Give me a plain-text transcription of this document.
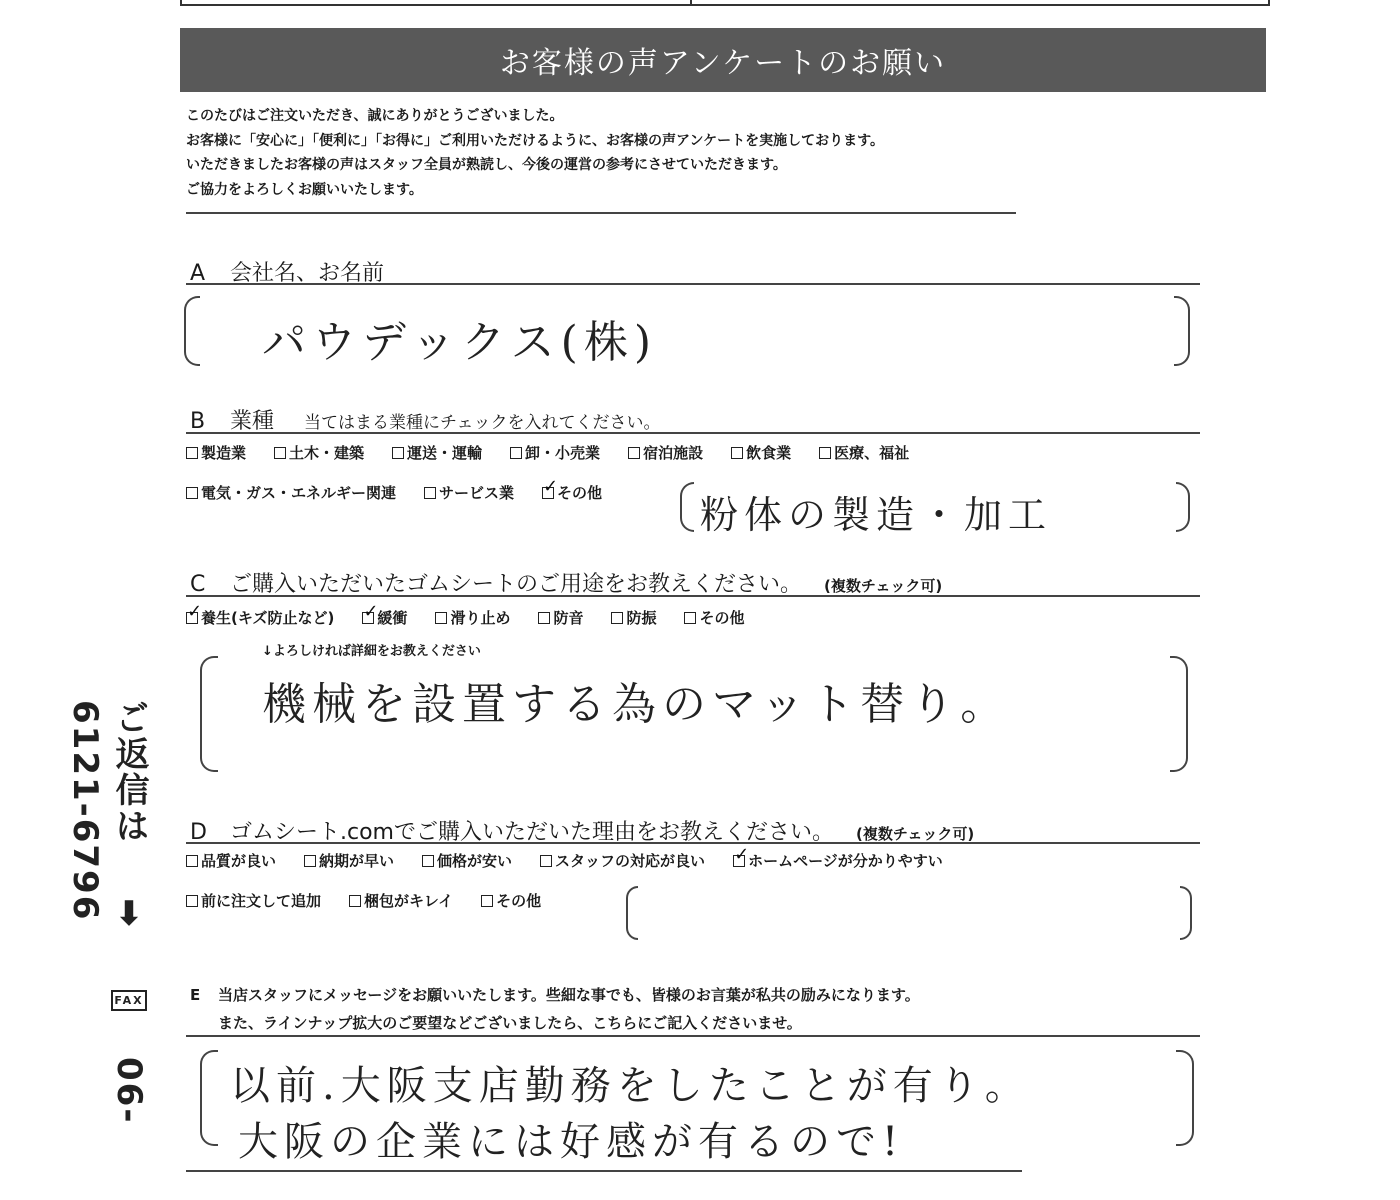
お客様の声アンケートのお願い
このたびはご注文いただき、誠にありがとうございました。
お客様に「安心に」「便利に」「お得に」ご利用いただけるように、お客様の声アンケートを実施しております。
いただきましたお客様の声はスタッフ全員が熟読し、今後の運営の参考にさせていただきます。
ご協力をよろしくお願いいたします。
A 会社名、お名前
パウデックス(株)
B 業種 当てはまる業種にチェックを入れてください。
製造業	土木・建築	運送・運輸	卸・小売業	宿泊施設	飲食業	医療、福祉
電気・ガス・エネルギー関連	サービス業 ✓	その他	粉体の製造・加工
C ご購入いただいたゴムシートのご用途をお教えください。 (複数チェック可)
✓養生(キズ防止など) ✓	緩衝	滑り止め	防音	防振	その他
↓よろしければ詳細をお教えください
機械を設置する為のマット替り。
D ゴムシート.comでご購入いただいた理由をお教えください。 (複数チェック可)
品質が良い	納期が早い	価格が安い	スタッフの対応が良い ✓	ホームページが分かりやすい
前に注文して追加	梱包がキレイ	その他
E 当店スタッフにメッセージをお願いいたします。些細な事でも、皆様のお言葉が私共の励みになります。
また、ラインナップ拡大のご要望などございましたら、こちらにご記入くださいませ。
以前.大阪支店勤務をしたことが有り。
大阪の企業には好感が有るので!
ご返信は ⬇ FAX 06-6121-6796
